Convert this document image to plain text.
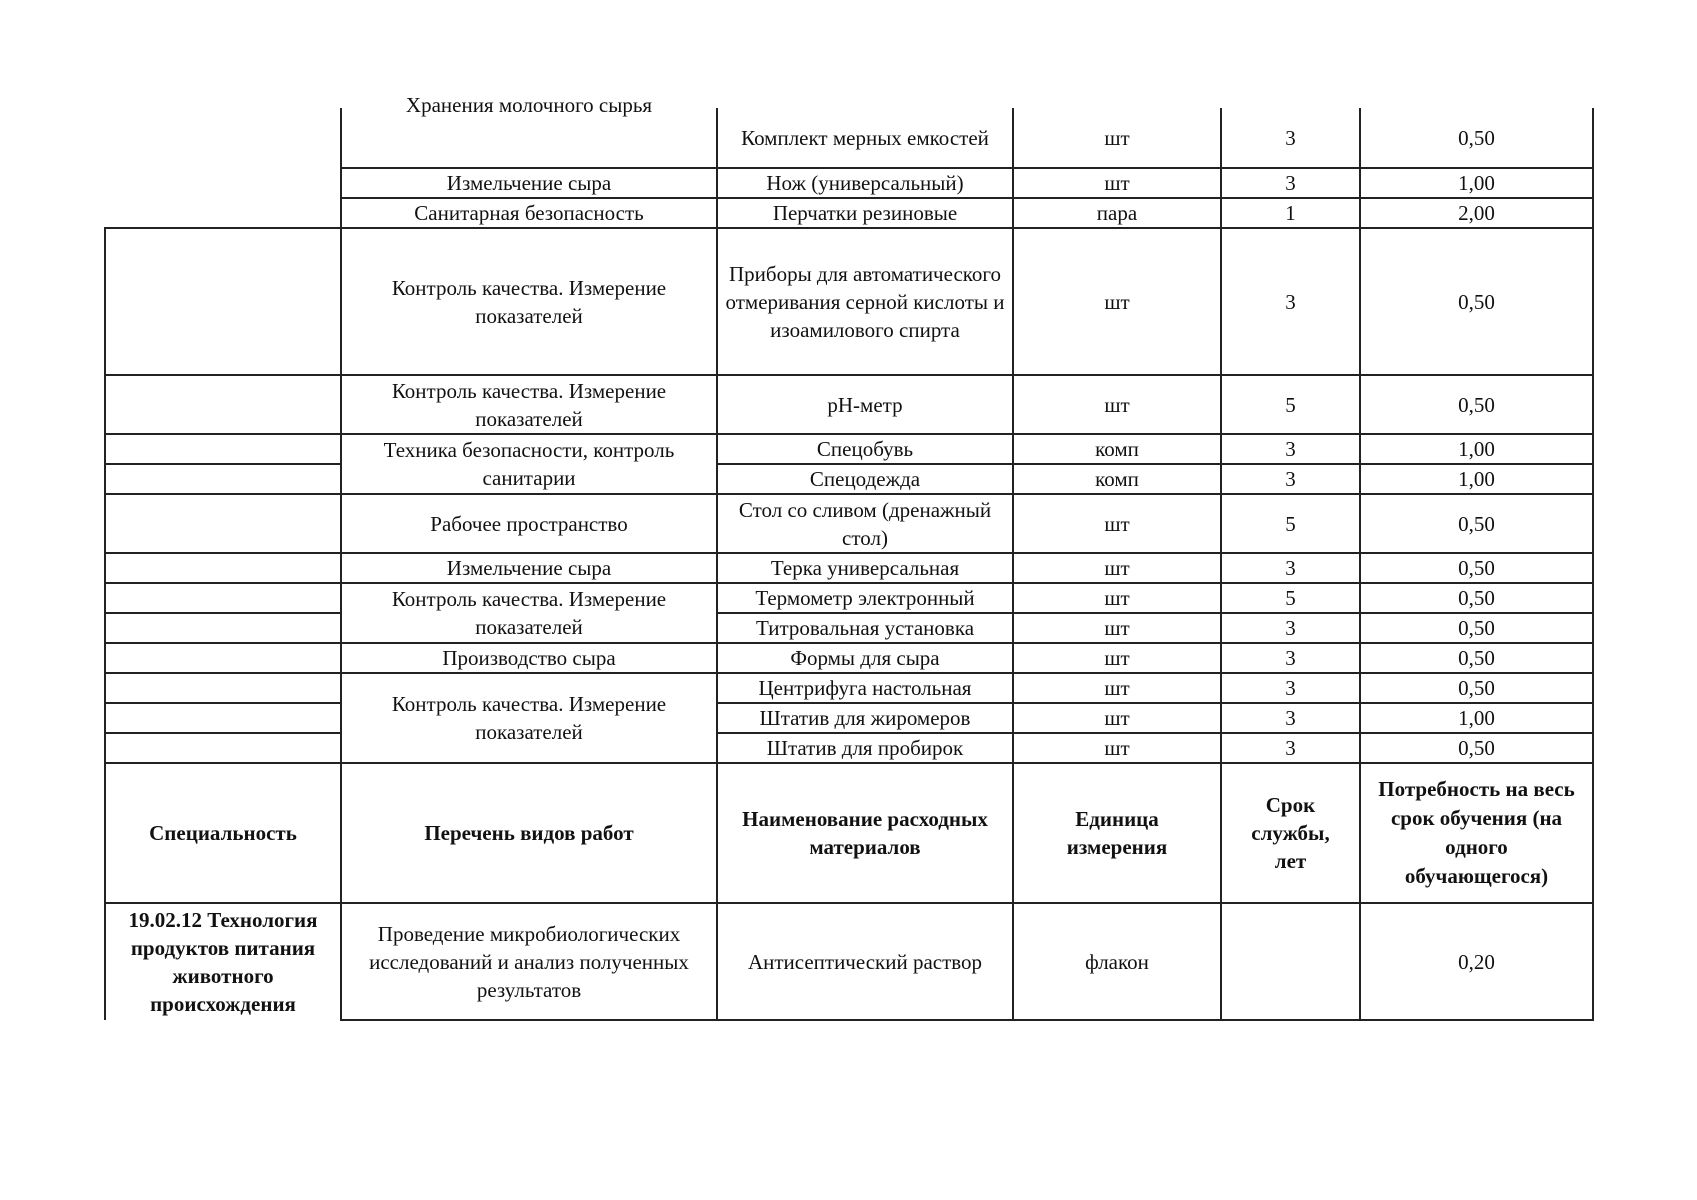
	Хранения молочного сырья	Комплект мерных емкостей	шт	3	0,50
	Измельчение сыра	Нож (универсальный)	шт	3	1,00
	Санитарная безопасность	Перчатки резиновые	пара	1	2,00
	Контроль качества. Измерение показателей	Приборы для автоматического отмеривания серной кислоты и изоамилового спирта	шт	3	0,50
	Контроль качества. Измерение показателей	pH-метр	шт	5	0,50
	Техника безопасности, контроль санитарии	Спецобувь	комп	3	1,00
		Спецодежда	комп	3	1,00
	Рабочее пространство	Стол со сливом (дренажный стол)	шт	5	0,50
	Измельчение сыра	Терка универсальная	шт	3	0,50
	Контроль качества. Измерение показателей	Термометр электронный	шт	5	0,50
		Титровальная установка	шт	3	0,50
	Производство сыра	Формы для сыра	шт	3	0,50
	Контроль качества. Измерение показателей	Центрифуга настольная	шт	3	0,50
		Штатив для жиромеров	шт	3	1,00
		Штатив для пробирок	шт	3	0,50
Специальность	Перечень видов работ	Наименование расходных материалов	Единица измерения	Срок службы, лет	Потребность на весь срок обучения (на одного обучающегося)
19.02.12 Технология продуктов питания животного происхождения	Проведение микробиологических исследований и анализ полученных результатов	Антисептический раствор	флакон		0,20
